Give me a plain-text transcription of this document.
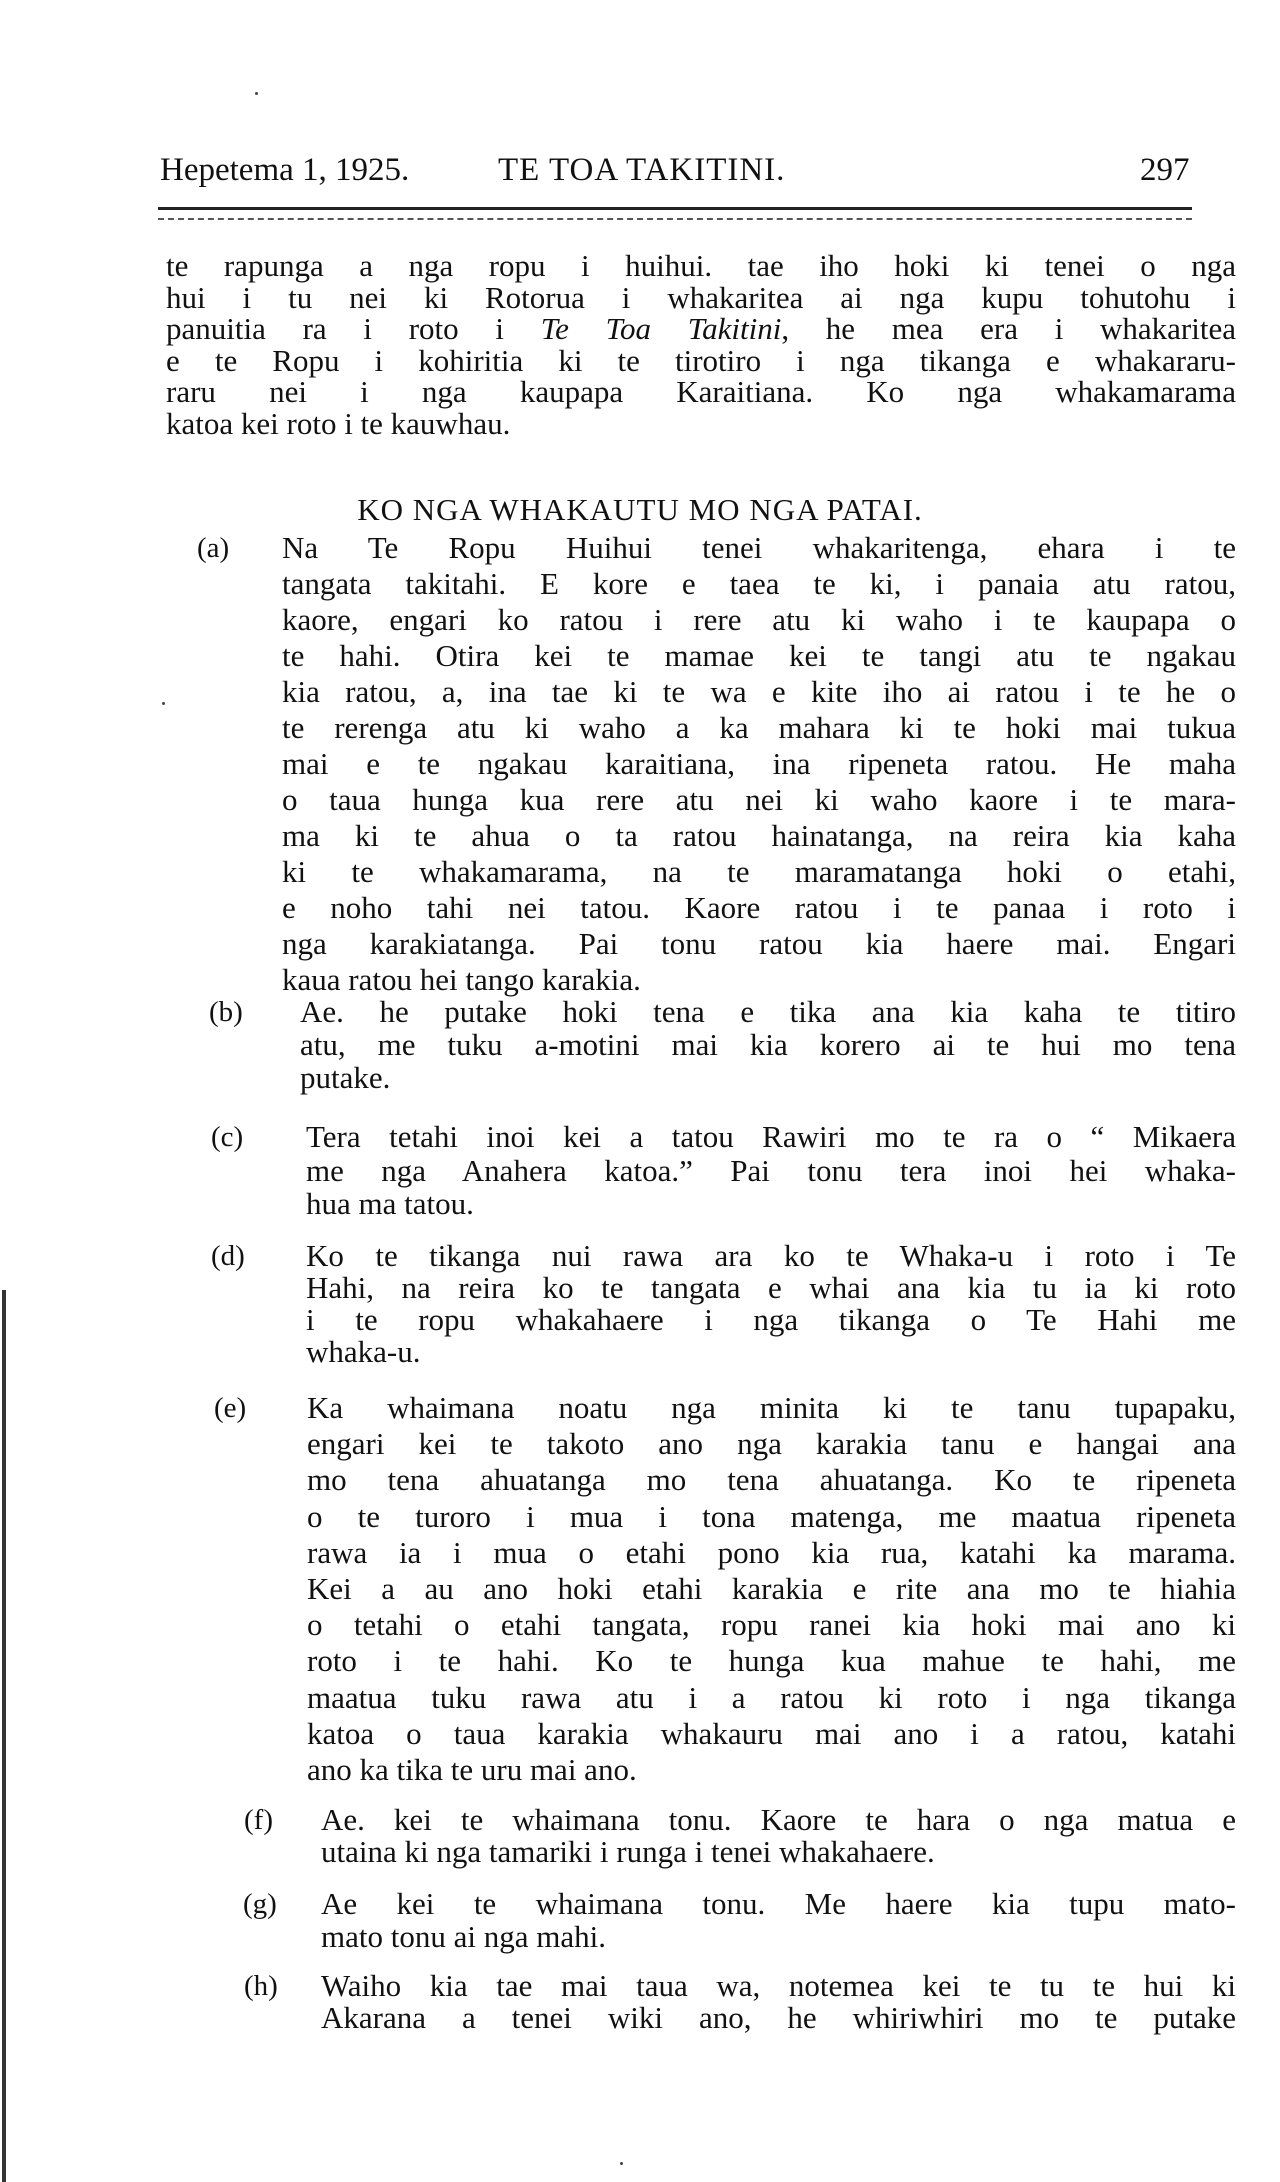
Hepetema 1, 1925.	TE TOA TAKITINI.	297
te rapunga a nga ropu i huihui. tae iho hoki ki tenei o nga
hui i tu nei ki Rotorua i whakaritea ai nga kupu tohutohu i
panuitia ra i roto i Te Toa Takitini, he mea era i whakaritea
e te Ropu i kohiritia ki te tirotiro i nga tikanga e whakararu-
raru nei i nga kaupapa Karaitiana. Ko nga whakamarama
katoa kei roto i te kauwhau.
KO NGA WHAKAUTU MO NGA PATAI.
(a) Na Te Ropu Huihui tenei whakaritenga, ehara i te
tangata takitahi. E kore e taea te ki, i panaia atu ratou,
kaore, engari ko ratou i rere atu ki waho i te kaupapa o
te hahi. Otira kei te mamae kei te tangi atu te ngakau
kia ratou, a, ina tae ki te wa e kite iho ai ratou i te he o
te rerenga atu ki waho a ka mahara ki te hoki mai tukua
mai e te ngakau karaitiana, ina ripeneta ratou. He maha
o taua hunga kua rere atu nei ki waho kaore i te mara-
ma ki te ahua o ta ratou hainatanga, na reira kia kaha
ki te whakamarama, na te maramatanga hoki o etahi,
e noho tahi nei tatou. Kaore ratou i te panaa i roto i
nga karakiatanga. Pai tonu ratou kia haere mai. Engari
kaua ratou hei tango karakia.
(b) Ae. he putake hoki tena e tika ana kia kaha te titiro
atu, me tuku a-motini mai kia korero ai te hui mo tena
putake.
(c) Tera tetahi inoi kei a tatou Rawiri mo te ra o “ Mikaera
me nga Anahera katoa.” Pai tonu tera inoi hei whaka-
hua ma tatou.
(d) Ko te tikanga nui rawa ara ko te Whaka-u i roto i Te
Hahi, na reira ko te tangata e whai ana kia tu ia ki roto
i te ropu whakahaere i nga tikanga o Te Hahi me
whaka-u.
(e) Ka whaimana noatu nga minita ki te tanu tupapaku,
engari kei te takoto ano nga karakia tanu e hangai ana
mo tena ahuatanga mo tena ahuatanga. Ko te ripeneta
o te turoro i mua i tona matenga, me maatua ripeneta
rawa ia i mua o etahi pono kia rua, katahi ka marama.
Kei a au ano hoki etahi karakia e rite ana mo te hiahia
o tetahi o etahi tangata, ropu ranei kia hoki mai ano ki
roto i te hahi. Ko te hunga kua mahue te hahi, me
maatua tuku rawa atu i a ratou ki roto i nga tikanga
katoa o taua karakia whakauru mai ano i a ratou, katahi
ano ka tika te uru mai ano.
(f) Ae. kei te whaimana tonu. Kaore te hara o nga matua e
utaina ki nga tamariki i runga i tenei whakahaere.
(g) Ae kei te whaimana tonu. Me haere kia tupu mato-
mato tonu ai nga mahi.
(h) Waiho kia tae mai taua wa, notemea kei te tu te hui ki
Akarana a tenei wiki ano, he whiriwhiri mo te putake
